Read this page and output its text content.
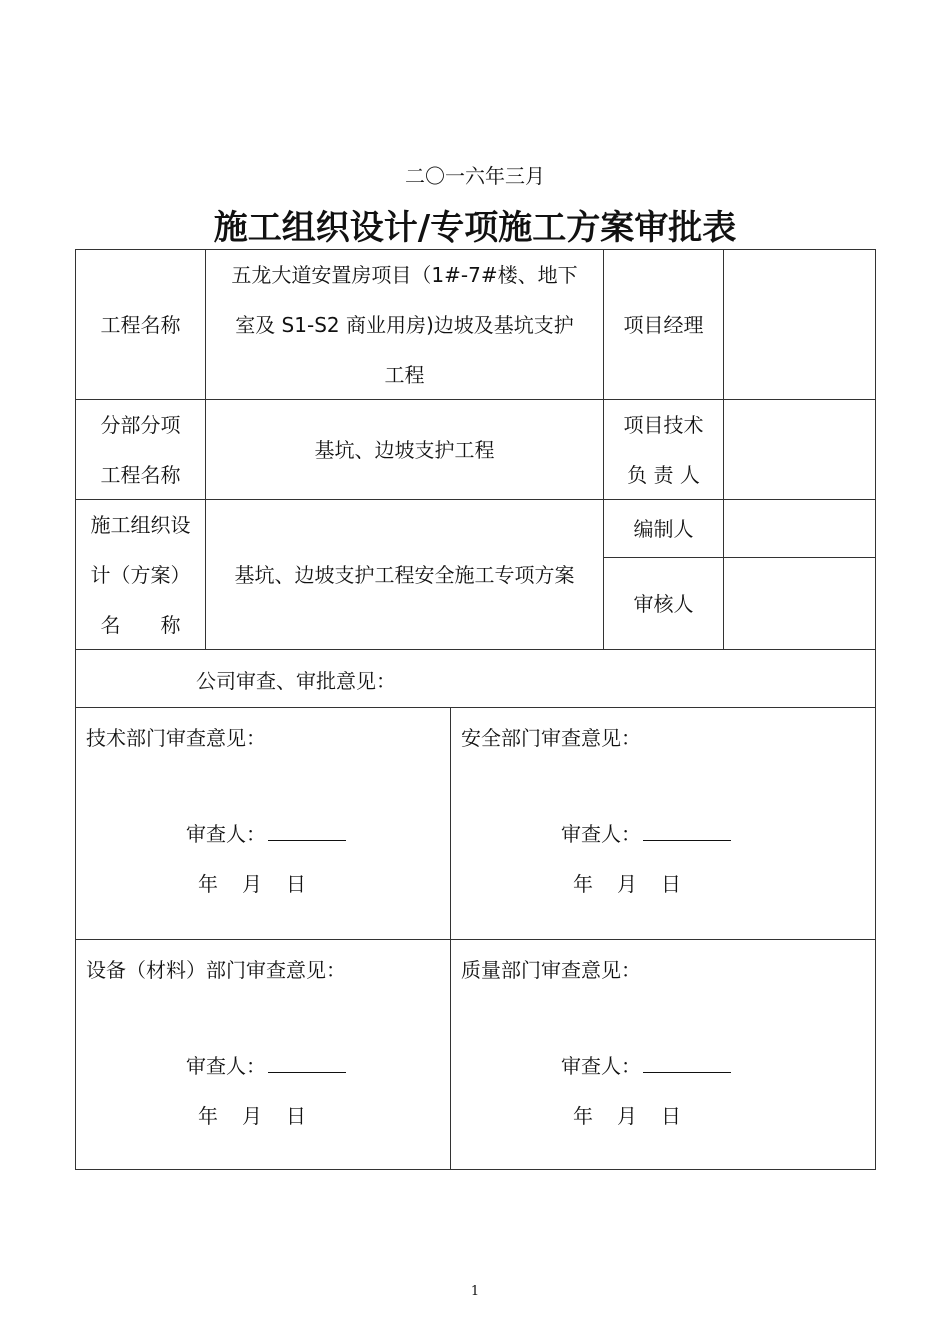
二〇一六年三月
施工组织设计/专项施工方案审批表
工程名称
五龙大道安置房项目（1#-7#楼、地下
室及 S1-S2 商业用房)边坡及基坑支护
工程
项目经理
分部分项
工程名称
基坑、边坡支护工程
项目技术
负 责 人
施工组织设
计（方案）
名　　称
基坑、边坡支护工程安全施工专项方案
编制人
审核人
公司审查、审批意见：
技术部门审查意见：
审查人：
年　月　日
安全部门审查意见：
审查人：
年　月　日
设备（材料）部门审查意见：
审查人：
年　月　日
质量部门审查意见：
审查人：
年　月　日
1
